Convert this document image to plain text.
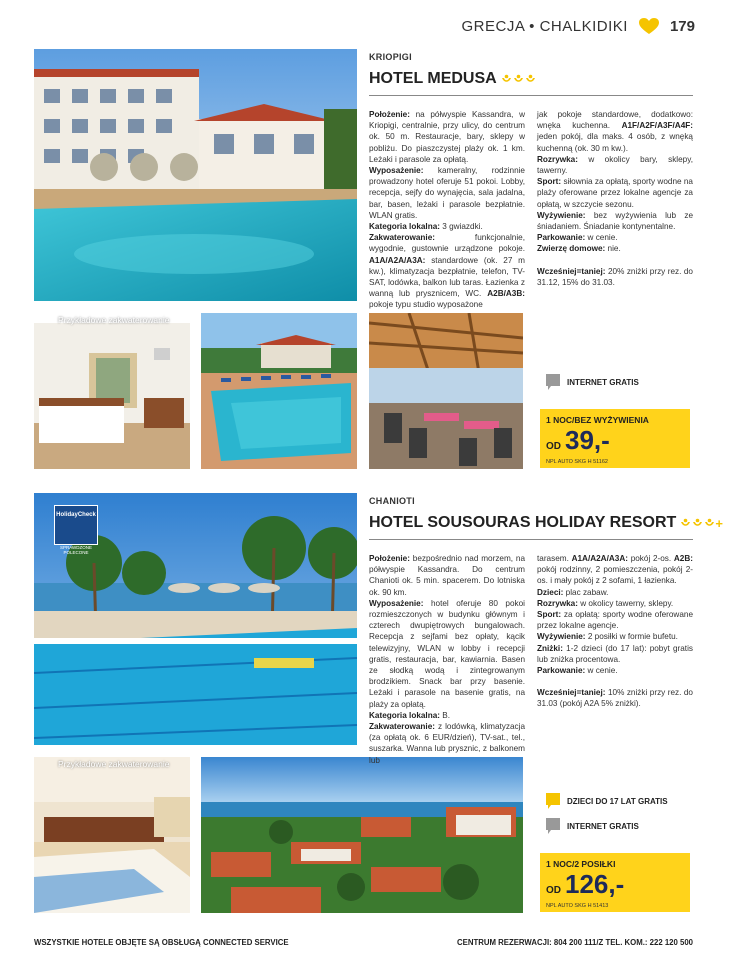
GRECJA • CHALKIDIKI	179
Przykładowe zakwaterowanie
KRIOPIGI
HOTEL MEDUSA

Położenie: na półwyspie Kassandra, w Kriopigi, centralnie, przy ulicy, do centrum ok. 50 m. Restauracje, bary, sklepy w pobliżu. Do piaszczystej plaży ok. 1 km. Leżaki i parasole za opłatą.

Wyposażenie: kameralny, rodzinnie prowadzony hotel oferuje 51 pokoi. Lobby, recepcja, sejfy do wynajęcia, sala jadalna, bar, basen, leżaki i parasole bezpłatnie. WLAN gratis.

Kategoria lokalna: 3 gwiazdki.

Zakwaterowanie: funkcjonalnie, wygodnie, gustownie urządzone pokoje. A1A/A2A/A3A: standardowe (ok. 27 m kw.), klimatyzacja bezpłatnie, telefon, TV-SAT, lodówka, balkon lub taras. Łazienka z wanną lub prysznicem, WC. A2B/A3B: pokoje typu studio wyposażone

jak pokoje standardowe, dodatkowo: wnęka kuchenna. A1F/A2F/A3F/A4F: jeden pokój, dla maks. 4 osób, z wnęką kuchenną (ok. 30 m kw.).

Rozrywka: w okolicy bary, sklepy, tawerny.

Sport: siłownia za opłatą, sporty wodne na plaży oferowane przez lokalne agencje za opłatą, w szczycie sezonu.

Wyżywienie: bez wyżywienia lub ze śniadaniem. Śniadanie kontynentalne.

Parkowanie: w cenie.

Zwierzę domowe: nie.

Wcześniej=taniej: 20% zniżki przy rez. do 31.12, 15% do 31.03.

INTERNET GRATIS
1 NOC/BEZ WYŻYWIENIA
OD 39,-
NPL AUTO SKG H 51162
HolidayCheck
SPRAWDZONE POLECONE
Przykładowe zakwaterowanie
CHANIOTI
HOTEL SOUSOURAS HOLIDAY RESORT	+

Położenie: bezpośrednio nad morzem, na półwyspie Kassandra. Do centrum Chanioti ok. 5 min. spacerem. Do lotniska ok. 90 km.

Wyposażenie: hotel oferuje 80 pokoi rozmieszczonych w budynku głównym i czterech dwupiętrowych bungalowach. Recepcja z sejfami bez opłaty, kącik telewizyjny, WLAN w lobby i recepcji gratis, restauracja, bar, kawiarnia. Basen ze słodką wodą i zintegrowanym brodzikiem. Snack bar przy basenie. Leżaki i parasole na basenie gratis, na plaży za opłatą.

Kategoria lokalna: B.

Zakwaterowanie: z lodówką, klimatyzacja (za opłatą ok. 6 EUR/dzień), TV-sat., tel., suszarka. Wanna lub prysznic, z balkonem lub

tarasem. A1A/A2A/A3A: pokój 2-os. A2B: pokój rodzinny, 2 pomieszczenia, pokój 2-os. i mały pokój z 2 sofami, 1 łazienka.

Dzieci: plac zabaw.

Rozrywka: w okolicy tawerny, sklepy.

Sport: za opłatą: sporty wodne oferowane przez lokalne agencje.

Wyżywienie: 2 posiłki w formie bufetu.

Zniżki: 1-2 dzieci (do 17 lat): pobyt gratis lub zniżka procentowa.

Parkowanie: w cenie.

Wcześniej=taniej: 10% zniżki przy rez. do 31.03 (pokój A2A 5% zniżki).

DZIECI DO 17 LAT GRATIS
INTERNET GRATIS
1 NOC/2 POSIŁKI
OD 126,-
NPL AUTO SKG H 51413
WSZYSTKIE HOTELE OBJĘTE SĄ OBSŁUGĄ CONNECTED SERVICE	CENTRUM REZERWACJI: 804 200 111/Z TEL. KOM.: 222 120 500
